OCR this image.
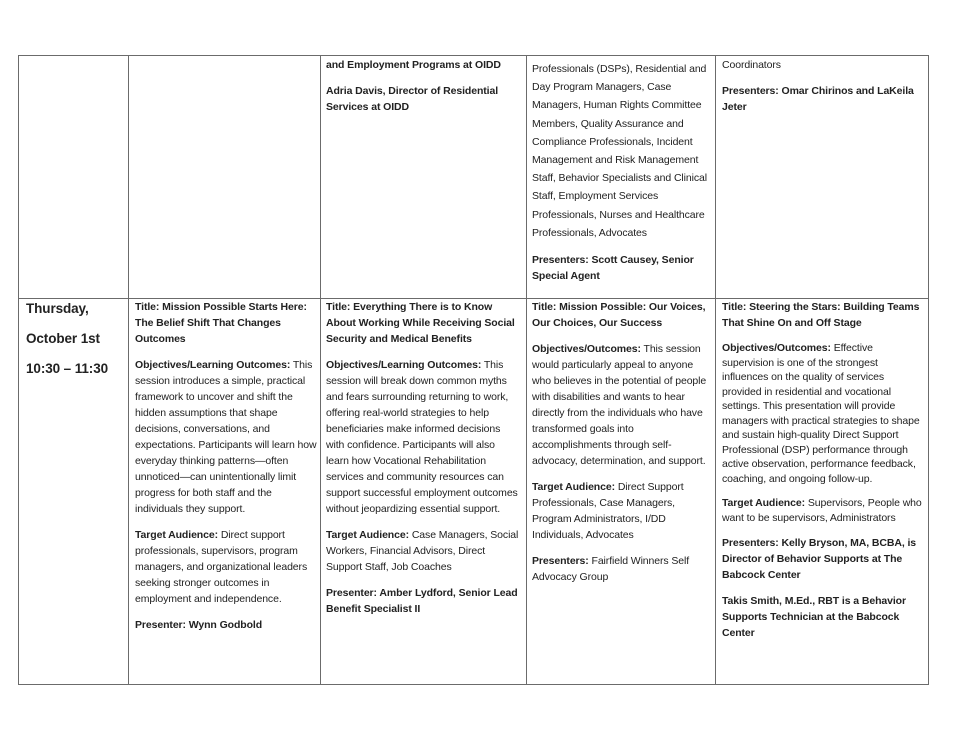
and Employment Programs at OIDD

Adria Davis, Director of Residential Services at OIDD

Professionals (DSPs), Residential and Day Program Managers, Case Managers, Human Rights Committee Members, Quality Assurance and Compliance Professionals, Incident Management and Risk Management Staff, Behavior Specialists and Clinical Staff, Employment Services Professionals, Nurses and Healthcare Professionals, Advocates

Presenters: Scott Causey, Senior Special Agent

Coordinators

Presenters: Omar Chirinos and LaKeila Jeter

Thursday,
October 1st
10:30 – 11:30

Title: Mission Possible Starts Here: The Belief Shift That Changes Outcomes

Objectives/Learning Outcomes: This session introduces a simple, practical framework to uncover and shift the hidden assumptions that shape decisions, conversations, and expectations. Participants will learn how everyday thinking patterns—often unnoticed—can unintentionally limit progress for both staff and the individuals they support.

Target Audience: Direct support professionals, supervisors, program managers, and organizational leaders seeking stronger outcomes in employment and independence.

Presenter: Wynn Godbold

Title: Everything There is to Know About Working While Receiving Social Security and Medical Benefits

Objectives/Learning Outcomes: This session will break down common myths and fears surrounding returning to work, offering real-world strategies to help beneficiaries make informed decisions with confidence. Participants will also learn how Vocational Rehabilitation services and community resources can support successful employment outcomes without jeopardizing essential support.

Target Audience: Case Managers, Social Workers, Financial Advisors, Direct Support Staff, Job Coaches

Presenter: Amber Lydford, Senior Lead Benefit Specialist II

Title: Mission Possible: Our Voices, Our Choices, Our Success

Objectives/Outcomes: This session would particularly appeal to anyone who believes in the potential of people with disabilities and wants to hear directly from the individuals who have transformed goals into accomplishments through self-advocacy, determination, and support.

Target Audience: Direct Support Professionals, Case Managers, Program Administrators, I/DD Individuals, Advocates

Presenters: Fairfield Winners Self Advocacy Group

Title: Steering the Stars: Building Teams That Shine On and Off Stage

Objectives/Outcomes: Effective supervision is one of the strongest influences on the quality of services provided in residential and vocational settings. This presentation will provide managers with practical strategies to shape and sustain high-quality Direct Support Professional (DSP) performance through active observation, performance feedback, coaching, and ongoing follow-up.

Target Audience: Supervisors, People who want to be supervisors, Administrators

Presenters: Kelly Bryson, MA, BCBA, is Director of Behavior Supports at The Babcock Center

Takis Smith, M.Ed., RBT is a Behavior Supports Technician at the Babcock Center
